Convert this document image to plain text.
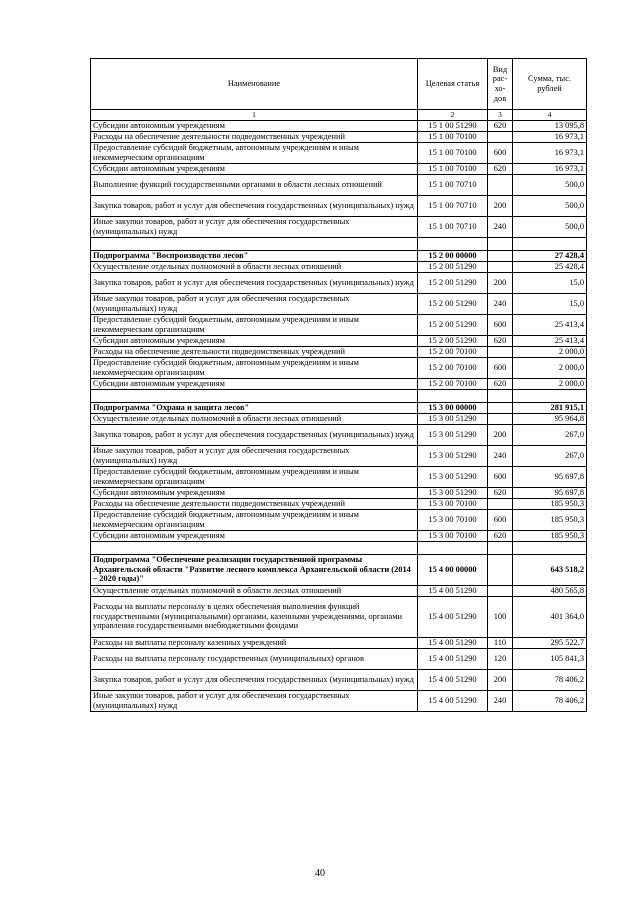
Наименование	Целевая статья	Вид рас-хо-дов	Сумма, тыс. рублей
1	2	3	4
Субсидии автономным учреждениям	15 1 00 51290	620	13 095,8
Расходы на обеспечение деятельности подведомственных учреждений	15 1 00 70100		16 973,1
Предоставление субсидий бюджетным, автономным учреждениям и иным некоммерческим организациям	15 1 00 70100	600	16 973,1
Субсидии автономным учреждениям	15 1 00 70100	620	16 973,1
Выполнение функций государственными органами в области лесных отношений	15 1 00 70710		500,0
Закупка товаров, работ и услуг для обеспечения государственных (муниципальных) нужд	15 1 00 70710	200	500,0
Иные закупки товаров, работ и услуг для обеспечения государственных (муниципальных) нужд	15 1 00 70710	240	500,0

Подпрограмма "Воспроизводство лесов"	15 2 00 00000		27 428,4
Осуществление отдельных полномочий в области лесных отношений	15 2 00 51290		25 428,4
Закупка товаров, работ и услуг для обеспечения государственных (муниципальных) нужд	15 2 00 51290	200	15,0
Иные закупки товаров, работ и услуг для обеспечения государственных (муниципальных) нужд	15 2 00 51290	240	15,0
Предоставление субсидий бюджетным, автономным учреждениям и иным некоммерческим организациям	15 2 00 51290	600	25 413,4
Субсидии автономным учреждениям	15 2 00 51290	620	25 413,4
Расходы на обеспечение деятельности подведомственных учреждений	15 2 00 70100		2 000,0
Предоставление субсидий бюджетным, автономным учреждениям и иным некоммерческим организациям	15 2 00 70100	600	2 000,0
Субсидии автономным учреждениям	15 2 00 70100	620	2 000,0

Подпрограмма "Охрана и защита лесов"	15 3 00 00000		281 915,1
Осуществление отдельных полномочий в области лесных отношений	15 3 00 51290		95 964,8
Закупка товаров, работ и услуг для обеспечения государственных (муниципальных) нужд	15 3 00 51290	200	267,0
Иные закупки товаров, работ и услуг для обеспечения государственных (муниципальных) нужд	15 3 00 51290	240	267,0
Предоставление субсидий бюджетным, автономным учреждениям и иным некоммерческим организациям	15 3 00 51290	600	95 697,8
Субсидии автономным учреждениям	15 3 00 51290	620	95 697,8
Расходы на обеспечение деятельности подведомственных учреждений	15 3 00 70100		185 950,3
Предоставление субсидий бюджетным, автономным учреждениям и иным некоммерческим организациям	15 3 00 70100	600	185 950,3
Субсидии автономным учреждениям	15 3 00 70100	620	185 950,3

Подпрограмма "Обеспечение реализации государственной программы Архангельской области "Развитие лесного комплекса Архангельской области (2014 – 2020 годы)"	15 4 00 00000		643 518,2
Осуществление отдельных полномочий в области лесных отношений	15 4 00 51290		480 565,8
Расходы на выплаты персоналу в целях обеспечения выполнения функций государственными (муниципальными) органами, казенными учреждениями, органами управления государственными внебюджетными фондами	15 4 00 51290	100	401 364,0
Расходы на выплаты персоналу казенных учреждений	15 4 00 51290	110	295 522,7
Расходы на выплаты персоналу государственных (муниципальных) органов	15 4 00 51290	120	105 841,3
Закупка товаров, работ и услуг для обеспечения государственных (муниципальных) нужд	15 4 00 51290	200	78 406,2
Иные закупки товаров, работ и услуг для обеспечения государственных (муниципальных) нужд	15 4 00 51290	240	78 406,2
40
